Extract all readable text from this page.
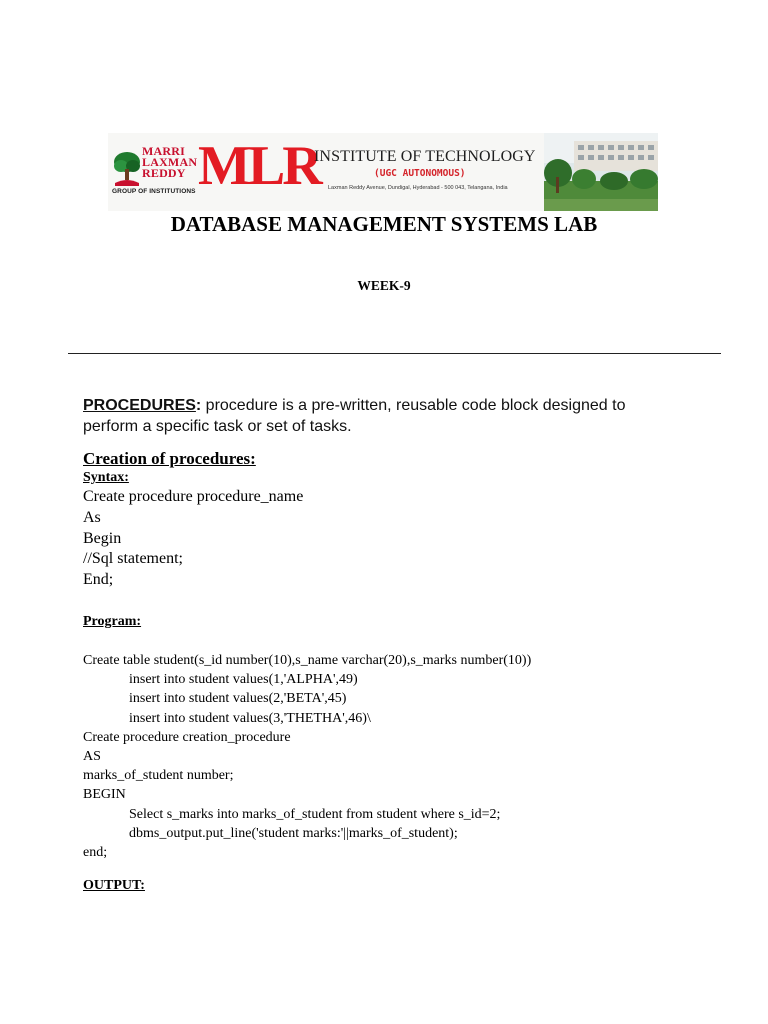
MARRI
LAXMAN
REDDY
GROUP OF INSTITUTIONS MLR
INSTITUTE OF TECHNOLOGY
(UGC AUTONOMOUS)
Laxman Reddy Avenue, Dundigal, Hyderabad - 500 043, Telangana, India
DATABASE MANAGEMENT SYSTEMS LAB
WEEK-9
PROCEDURES: procedure is a pre-written, reusable code block designed to perform a specific task or set of tasks.
Creation of procedures:
Syntax:
Create procedure procedure_name
As
Begin
//Sql statement;
End;
Program:
Create table student(s_id number(10),s_name varchar(20),s_marks number(10))
insert into student values(1,'ALPHA',49)
insert into student values(2,'BETA',45)
insert into student values(3,'THETHA',46)\
Create procedure creation_procedure
AS
marks_of_student number;
BEGIN
Select s_marks into marks_of_student from student where s_id=2;
dbms_output.put_line('student marks:'||marks_of_student);
end;
OUTPUT:
